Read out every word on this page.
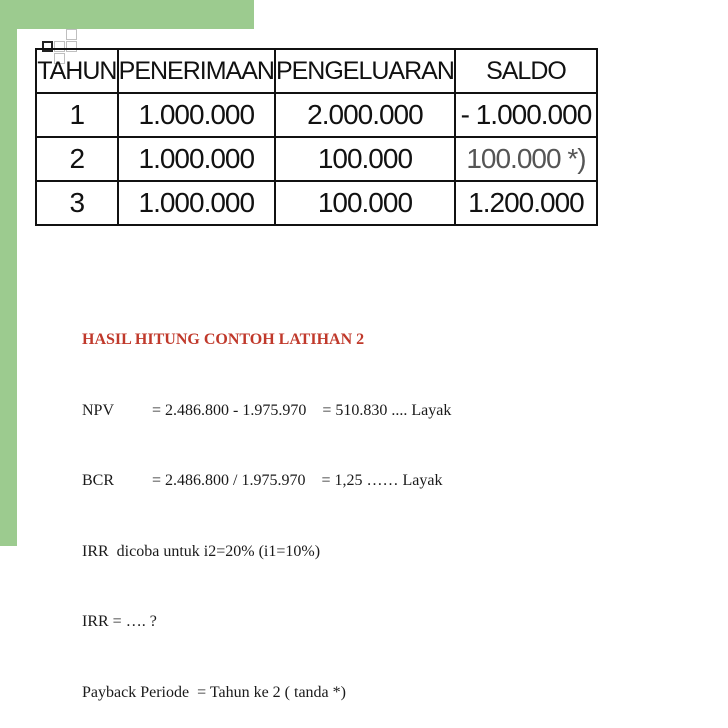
TAHUN	PENERIMAAN	PENGELUARAN	SALDO
1	1.000.000	2.000.000	- 1.000.000
2	1.000.000	100.000	100.000 *)
3	1.000.000	100.000	1.200.000

HASIL HITUNG CONTOH LATIHAN 2

NPV = 2.486.800 - 1.975.970    = 510.830 .... Layak

BCR = 2.486.800 / 1.975.970    = 1,25 …… Layak

IRR  dicoba untuk i2=20% (i1=10%)

IRR = …. ?

Payback Periode  = Tahun ke 2 ( tanda *)
